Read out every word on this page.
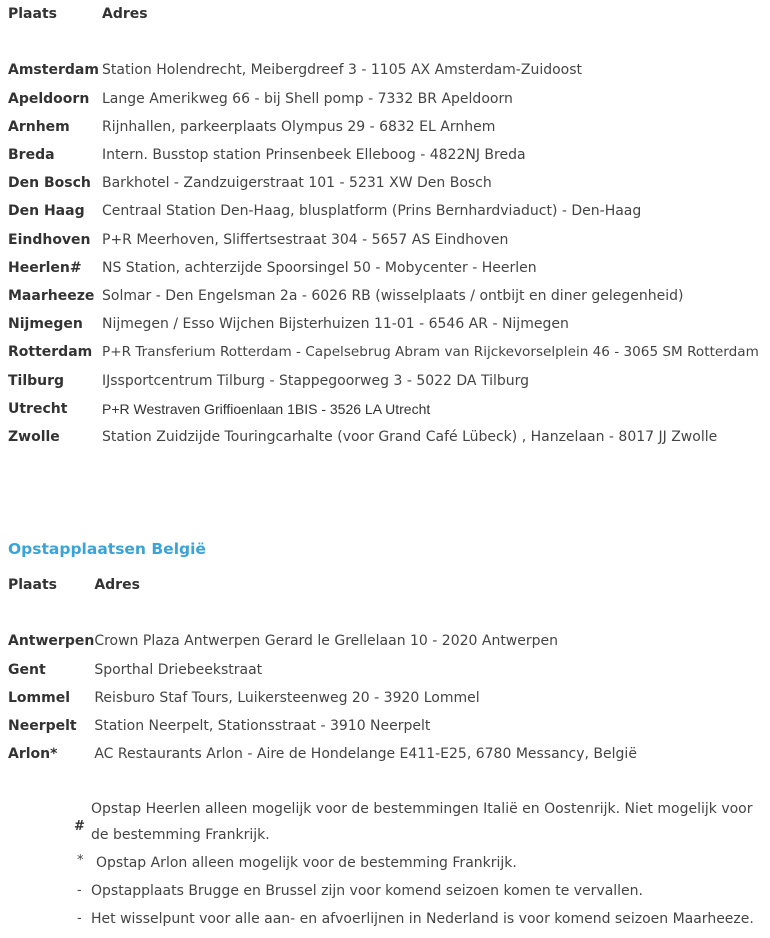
Plaats	Adres

Amsterdam	Station Holendrecht, Meibergdreef 3 - 1105 AX Amsterdam-Zuidoost
Apeldoorn	Lange Amerikweg 66 - bij Shell pomp - 7332 BR Apeldoorn
Arnhem	Rijnhallen, parkeerplaats Olympus 29 - 6832 EL Arnhem
Breda	Intern. Busstop station Prinsenbeek Elleboog - 4822NJ Breda
Den Bosch	Barkhotel - Zandzuigerstraat 101 - 5231 XW Den Bosch
Den Haag	Centraal Station Den-Haag, blusplatform (Prins Bernhardviaduct) - Den-Haag
Eindhoven	P+R Meerhoven, Sliffertsestraat 304 - 5657 AS Eindhoven
Heerlen#	NS Station, achterzijde Spoorsingel 50 - Mobycenter - Heerlen
Maarheeze	Solmar - Den Engelsman 2a - 6026 RB (wisselplaats / ontbijt en diner gelegenheid)
Nijmegen	Nijmegen / Esso Wijchen Bijsterhuizen 11-01 - 6546 AR - Nijmegen
Rotterdam	P+R Transferium Rotterdam - Capelsebrug Abram van Rijckevorselplein 46 - 3065 SM Rotterdam
Tilburg	IJssportcentrum Tilburg - Stappegoorweg 3 - 5022 DA Tilburg
Utrecht	P+R Westraven Griffioenlaan 1BIS - 3526 LA Utrecht
Zwolle	Station Zuidzijde Touringcarhalte (voor Grand Café Lübeck) , Hanzelaan - 8017 JJ Zwolle
Opstapplaatsen België
Plaats	Adres

Antwerpen	Crown Plaza Antwerpen Gerard le Grellelaan 10 - 2020 Antwerpen
Gent	Sporthal Driebeekstraat
Lommel	Reisburo Staf Tours, Luikersteenweg 20 - 3920 Lommel
Neerpelt	Station Neerpelt, Stationsstraat - 3910 Neerpelt
Arlon*	AC Restaurants Arlon - Aire de Hondelange E411-E25, 6780 Messancy, België
#
Opstap Heerlen alleen mogelijk voor de bestemmingen Italië en Oostenrijk. Niet mogelijk voor de bestemming Frankrijk.
* Opstap Arlon alleen mogelijk voor de bestemming Frankrijk.
- Opstapplaats Brugge en Brussel zijn voor komend seizoen komen te vervallen.
- Het wisselpunt voor alle aan- en afvoerlijnen in Nederland is voor komend seizoen Maarheeze.
